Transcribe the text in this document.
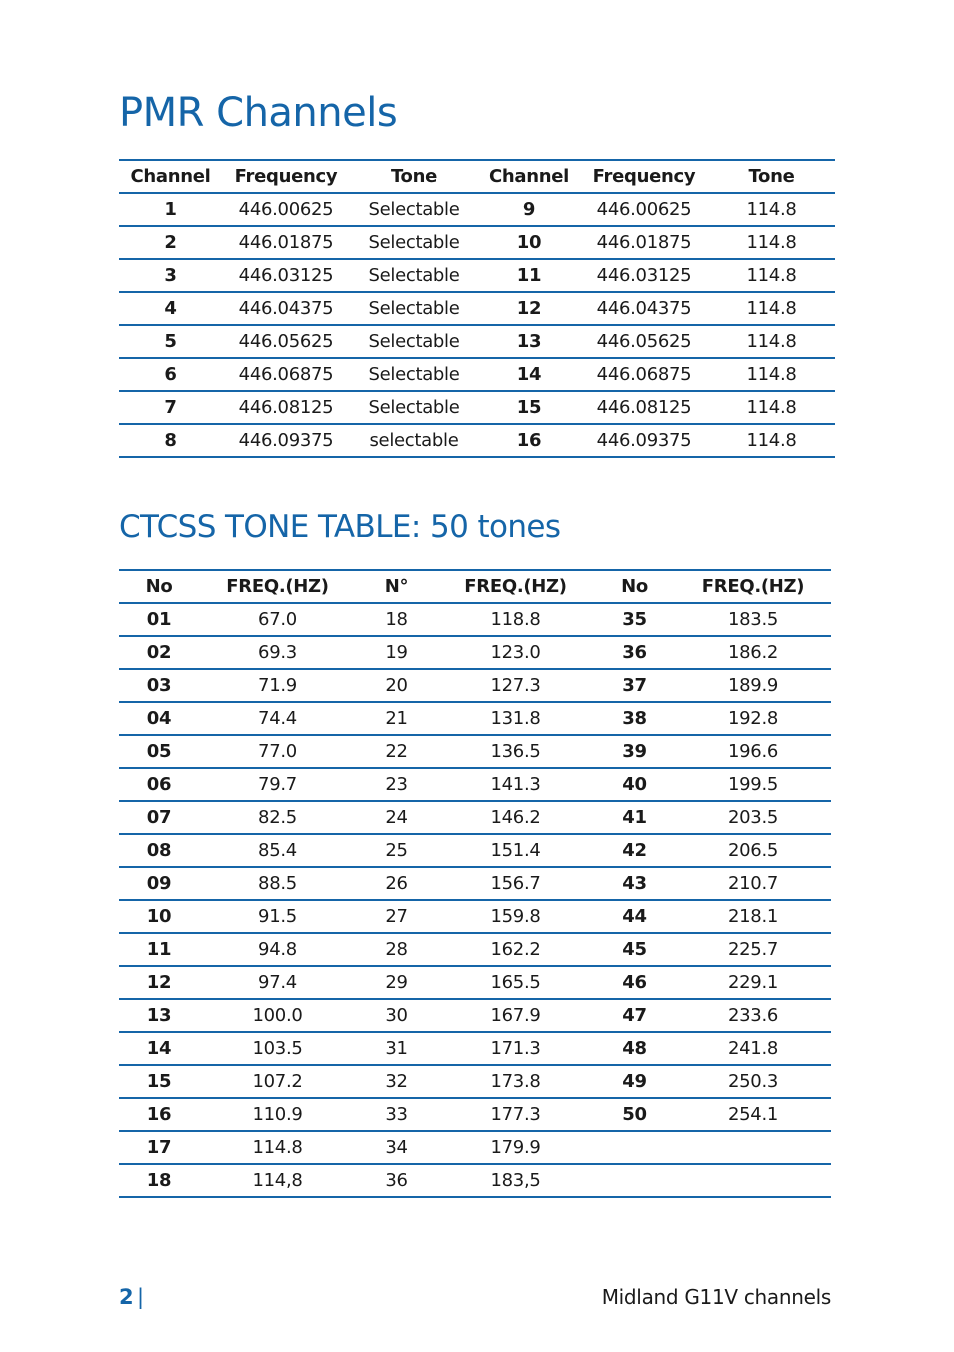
PMR Channels
Channel	Frequency	Tone	Channel	Frequency	Tone
1	446.00625	Selectable	9	446.00625	114.8
2	446.01875	Selectable	10	446.01875	114.8
3	446.03125	Selectable	11	446.03125	114.8
4	446.04375	Selectable	12	446.04375	114.8
5	446.05625	Selectable	13	446.05625	114.8
6	446.06875	Selectable	14	446.06875	114.8
7	446.08125	Selectable	15	446.08125	114.8
8	446.09375	selectable	16	446.09375	114.8
CTCSS TONE TABLE: 50 tones
No	FREQ.(HZ)	N°	FREQ.(HZ)	No	FREQ.(HZ)
01	67.0	18	118.8	35	183.5
02	69.3	19	123.0	36	186.2
03	71.9	20	127.3	37	189.9
04	74.4	21	131.8	38	192.8
05	77.0	22	136.5	39	196.6
06	79.7	23	141.3	40	199.5
07	82.5	24	146.2	41	203.5
08	85.4	25	151.4	42	206.5
09	88.5	26	156.7	43	210.7
10	91.5	27	159.8	44	218.1
11	94.8	28	162.2	45	225.7
12	97.4	29	165.5	46	229.1
13	100.0	30	167.9	47	233.6
14	103.5	31	171.3	48	241.8
15	107.2	32	173.8	49	250.3
16	110.9	33	177.3	50	254.1
17	114.8	34	179.9		
18	114,8	36	183,5		
2 |	Midland G11V channels
